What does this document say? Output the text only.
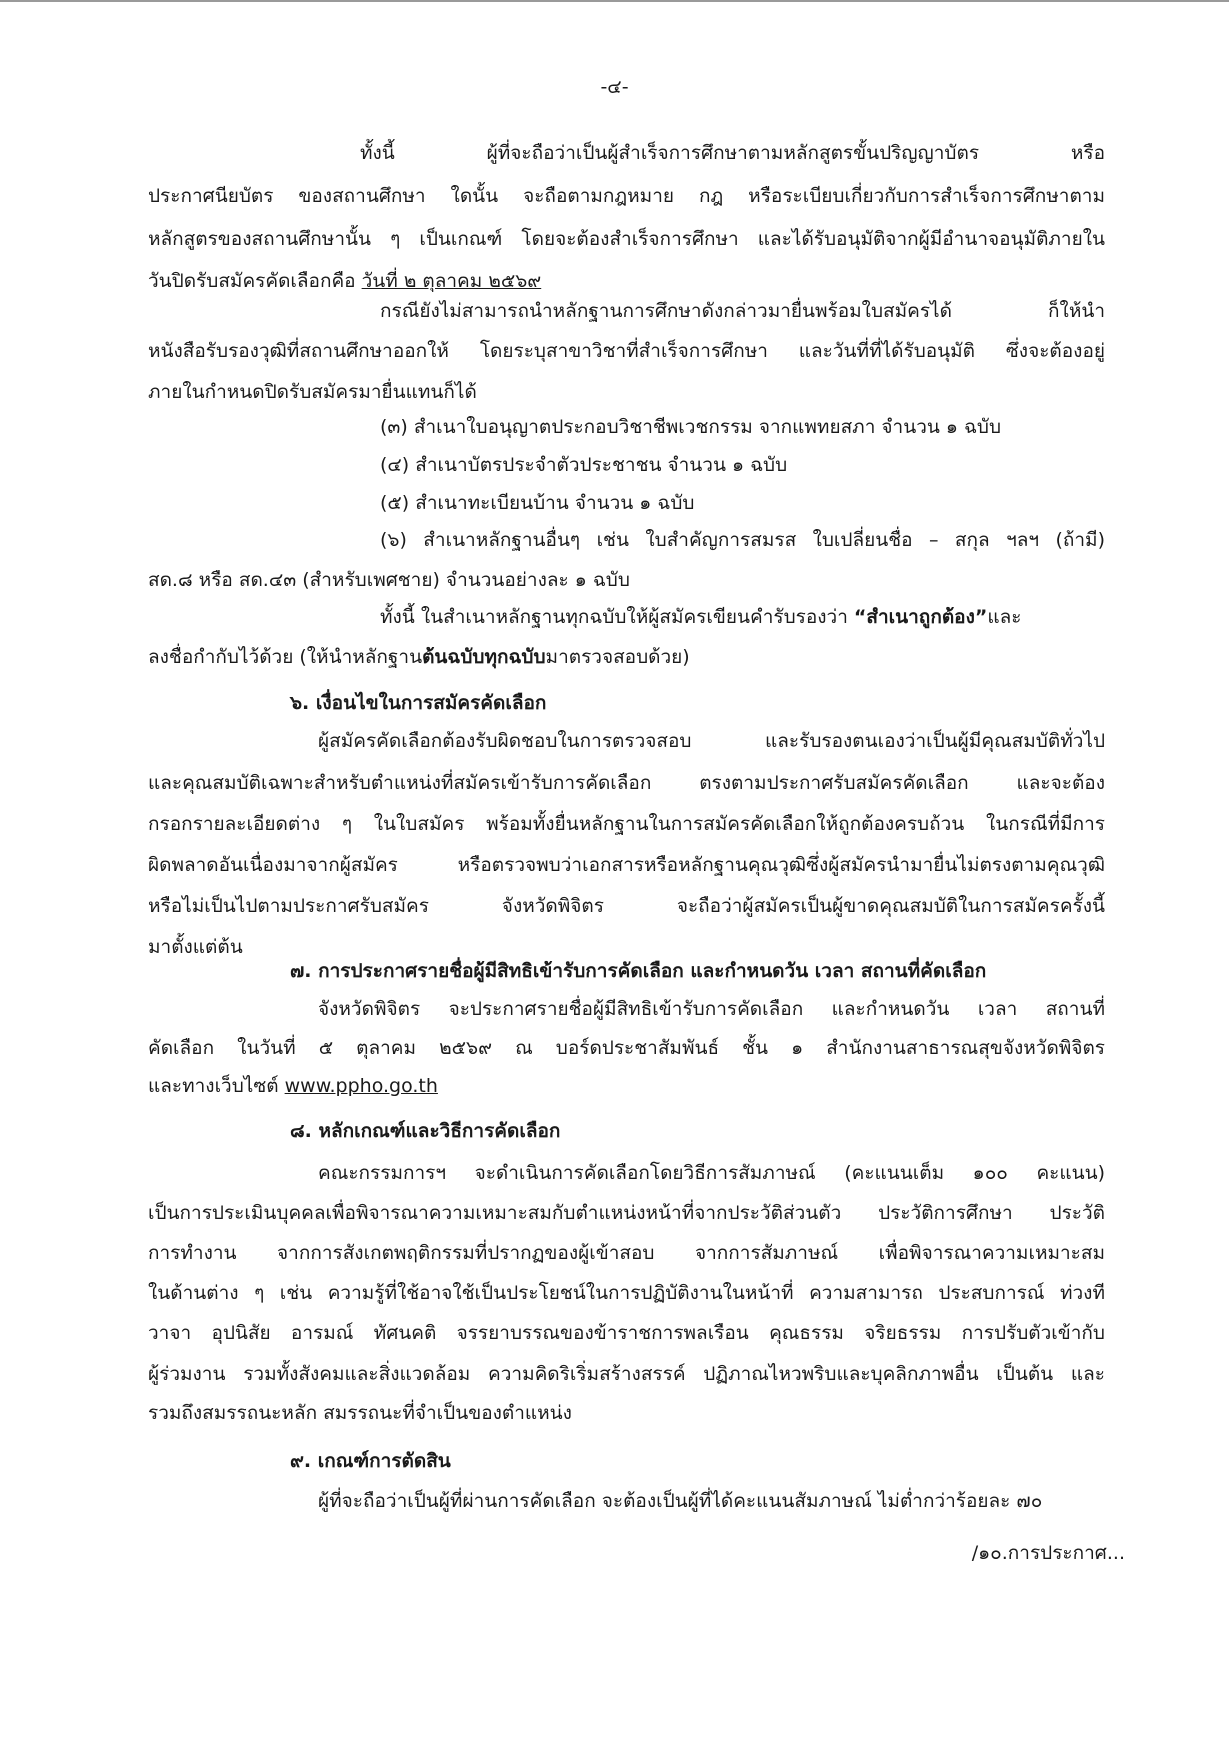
-๔-
ทั้งนี้ ผู้ที่จะถือว่าเป็นผู้สำเร็จการศึกษาตามหลักสูตรขั้นปริญญาบัตร หรือ
ประกาศนียบัตร ของสถานศึกษา ใดนั้น จะถือตามกฎหมาย กฎ หรือระเบียบเกี่ยวกับการสำเร็จการศึกษาตาม
หลักสูตรของสถานศึกษานั้น ๆ เป็นเกณฑ์ โดยจะต้องสำเร็จการศึกษา และได้รับอนุมัติจากผู้มีอำนาจอนุมัติภายใน
วันปิดรับสมัครคัดเลือกคือ วันที่ ๒ ตุลาคม ๒๕๖๙
กรณียังไม่สามารถนำหลักฐานการศึกษาดังกล่าวมายื่นพร้อมใบสมัครได้ ก็ให้นำ
หนังสือรับรองวุฒิที่สถานศึกษาออกให้ โดยระบุสาขาวิชาที่สำเร็จการศึกษา และวันที่ที่ได้รับอนุมัติ ซึ่งจะต้องอยู่
ภายในกำหนดปิดรับสมัครมายื่นแทนก็ได้
(๓) สำเนาใบอนุญาตประกอบวิชาชีพเวชกรรม จากแพทยสภา จำนวน ๑ ฉบับ
(๔) สำเนาบัตรประจำตัวประชาชน จำนวน ๑ ฉบับ
(๕) สำเนาทะเบียนบ้าน จำนวน ๑ ฉบับ
(๖) สำเนาหลักฐานอื่นๆ เช่น ใบสำคัญการสมรส ใบเปลี่ยนชื่อ – สกุล ฯลฯ (ถ้ามี)
สด.๘ หรือ สด.๔๓ (สำหรับเพศชาย) จำนวนอย่างละ ๑ ฉบับ
ทั้งนี้ ในสำเนาหลักฐานทุกฉบับให้ผู้สมัครเขียนคำรับรองว่า “สำเนาถูกต้อง”และ
ลงชื่อกำกับไว้ด้วย (ให้นำหลักฐานต้นฉบับทุกฉบับมาตรวจสอบด้วย)
๖. เงื่อนไขในการสมัครคัดเลือก
ผู้สมัครคัดเลือกต้องรับผิดชอบในการตรวจสอบ และรับรองตนเองว่าเป็นผู้มีคุณสมบัติทั่วไป
และคุณสมบัติเฉพาะสำหรับตำแหน่งที่สมัครเข้ารับการคัดเลือก ตรงตามประกาศรับสมัครคัดเลือก และจะต้อง
กรอกรายละเอียดต่าง ๆ ในใบสมัคร พร้อมทั้งยื่นหลักฐานในการสมัครคัดเลือกให้ถูกต้องครบถ้วน ในกรณีที่มีการ
ผิดพลาดอันเนื่องมาจากผู้สมัคร หรือตรวจพบว่าเอกสารหรือหลักฐานคุณวุฒิซึ่งผู้สมัครนำมายื่นไม่ตรงตามคุณวุฒิ
หรือไม่เป็นไปตามประกาศรับสมัคร จังหวัดพิจิตร จะถือว่าผู้สมัครเป็นผู้ขาดคุณสมบัติในการสมัครครั้งนี้
มาตั้งแต่ต้น
๗. การประกาศรายชื่อผู้มีสิทธิเข้ารับการคัดเลือก และกำหนดวัน เวลา สถานที่คัดเลือก
จังหวัดพิจิตร จะประกาศรายชื่อผู้มีสิทธิเข้ารับการคัดเลือก และกำหนดวัน เวลา สถานที่
คัดเลือก ในวันที่ ๕ ตุลาคม ๒๕๖๙ ณ บอร์ดประชาสัมพันธ์ ชั้น ๑ สำนักงานสาธารณสุขจังหวัดพิจิตร
และทางเว็บไซต์ www.ppho.go.th
๘. หลักเกณฑ์และวิธีการคัดเลือก
คณะกรรมการฯ จะดำเนินการคัดเลือกโดยวิธีการสัมภาษณ์ (คะแนนเต็ม ๑๐๐ คะแนน)
เป็นการประเมินบุคคลเพื่อพิจารณาความเหมาะสมกับตำแหน่งหน้าที่จากประวัติส่วนตัว ประวัติการศึกษา ประวัติ
การทำงาน จากการสังเกตพฤติกรรมที่ปรากฏของผู้เข้าสอบ จากการสัมภาษณ์ เพื่อพิจารณาความเหมาะสม
ในด้านต่าง ๆ เช่น ความรู้ที่ใช้อาจใช้เป็นประโยชน์ในการปฏิบัติงานในหน้าที่ ความสามารถ ประสบการณ์ ท่วงที
วาจา อุปนิสัย อารมณ์ ทัศนคติ จรรยาบรรณของข้าราชการพลเรือน คุณธรรม จริยธรรม การปรับตัวเข้ากับ
ผู้ร่วมงาน รวมทั้งสังคมและสิ่งแวดล้อม ความคิดริเริ่มสร้างสรรค์ ปฏิภาณไหวพริบและบุคลิกภาพอื่น เป็นต้น และ
รวมถึงสมรรถนะหลัก สมรรถนะที่จำเป็นของตำแหน่ง
๙. เกณฑ์การตัดสิน
ผู้ที่จะถือว่าเป็นผู้ที่ผ่านการคัดเลือก จะต้องเป็นผู้ที่ได้คะแนนสัมภาษณ์ ไม่ต่ำกว่าร้อยละ ๗๐
/๑๐.การประกาศ...
